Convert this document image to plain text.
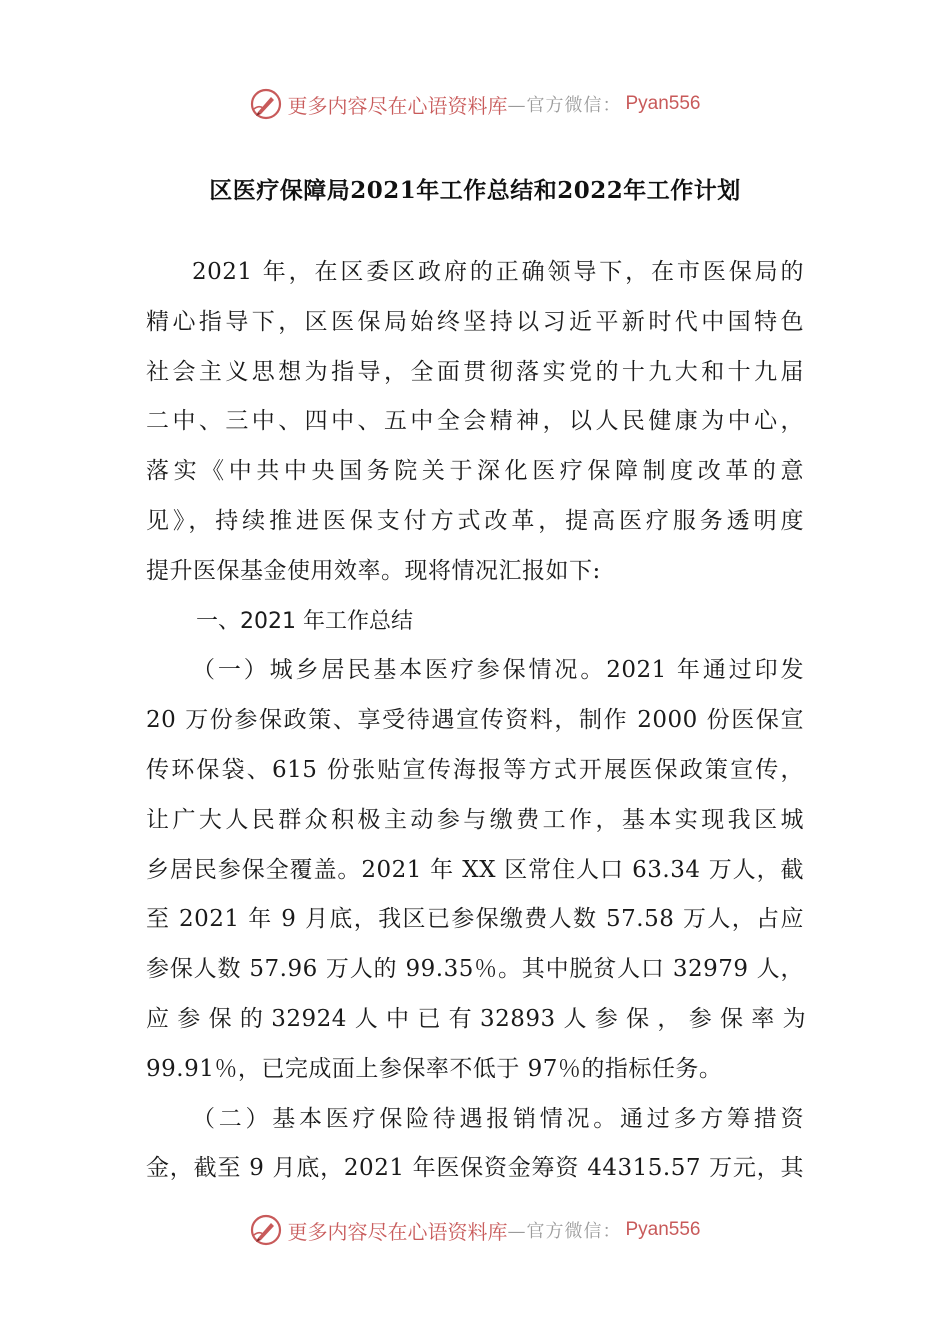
更多内容尽在心语资料库 —官方微信： Pyan556
区医疗保障局2021年工作总结和2022年工作计划
2021 年，在区委区政府的正确领导下，在市医保局的
精心指导下，区医保局始终坚持以习近平新时代中国特色
社会主义思想为指导，全面贯彻落实党的十九大和十九届
二中、三中、四中、五中全会精神，以人民健康为中心，
落实《中共中央国务院关于深化医疗保障制度改革的意
见》，持续推进医保支付方式改革，提高医疗服务透明度
提升医保基金使用效率。现将情况汇报如下:
一、2021 年工作总结
（一）城乡居民基本医疗参保情况。2021 年通过印发
20 万份参保政策、享受待遇宣传资料，制作 2000 份医保宣
传环保袋、615 份张贴宣传海报等方式开展医保政策宣传，
让广大人民群众积极主动参与缴费工作，基本实现我区城
乡居民参保全覆盖。2021 年 XX 区常住人口 63.34 万人，截
至 2021 年 9 月底，我区已参保缴费人数 57.58 万人，占应
参保人数 57.96 万人的 99.35％。其中脱贫人口 32979 人，
应 参 保 的 32924 人 中 已 有 32893 人 参 保 ， 参 保 率 为
99.91％，已完成面上参保率不低于 97％的指标任务。
（二）基本医疗保险待遇报销情况。通过多方筹措资
金，截至 9 月底，2021 年医保资金筹资 44315.57 万元，其
更多内容尽在心语资料库 —官方微信： Pyan556
